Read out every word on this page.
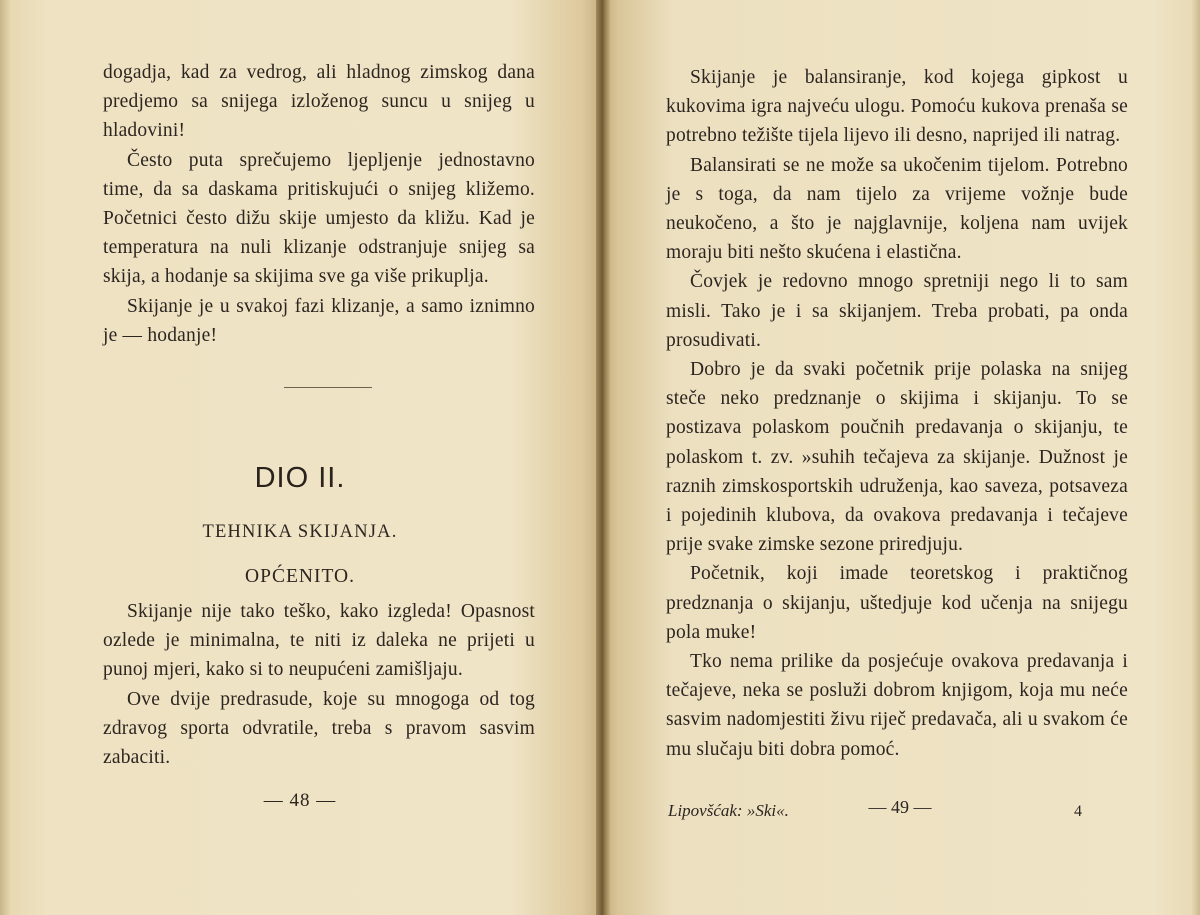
dogadja, kad za vedrog, ali hladnog zimskog dana predjemo sa snijega izloženog suncu u snijeg u hladovini!

Često puta sprečujemo ljepljenje jednostavno time, da sa daskama pritiskujući o snijeg kližemo. Početnici često dižu skije umjesto da kližu. Kad je temperatura na nuli klizanje odstranjuje snijeg sa skija, a hodanje sa skijima sve ga više prikuplja.

Skijanje je u svakoj fazi klizanje, a samo iznimno je — hodanje!

DIO II.
TEHNIKA SKIJANJA.
OPĆENITO.

Skijanje nije tako teško, kako izgleda! Opasnost ozlede je minimalna, te niti iz daleka ne prijeti u punoj mjeri, kako si to neupućeni zamišljaju.

Ove dvije predrasude, koje su mnogoga od tog zdravog sporta odvratile, treba s pravom sasvim zabaciti.

— 48 —

Skijanje je balansiranje, kod kojega gipkost u kukovima igra najveću ulogu. Pomoću kukova prenaša se potrebno težište tijela lijevo ili desno, naprijed ili natrag.

Balansirati se ne može sa ukočenim tijelom. Potrebno je s toga, da nam tijelo za vrijeme vožnje bude neukočeno, a što je najglavnije, koljena nam uvijek moraju biti nešto skućena i elastična.

Čovjek je redovno mnogo spretniji nego li to sam misli. Tako je i sa skijanjem. Treba probati, pa onda prosudivati.

Dobro je da svaki početnik prije polaska na snijeg steče neko predznanje o skijima i skijanju. To se postizava polaskom poučnih predavanja o skijanju, te polaskom t. zv. »suhih tečajeva za skijanje. Dužnost je raznih zimskosportskih udruženja, kao saveza, potsaveza i pojedinih klubova, da ovakova predavanja i tečajeve prije svake zimske sezone priredjuju.

Početnik, koji imade teoretskog i praktičnog predznanja o skijanju, uštedjuje kod učenja na snijegu pola muke!

Tko nema prilike da posjećuje ovakova predavanja i tečajeve, neka se posluži dobrom knjigom, koja mu neće sasvim nadomjestiti živu riječ predavača, ali u svakom će mu slučaju biti dobra pomoć.

Lipovšćak: »Ski«.	— 49 —	4
